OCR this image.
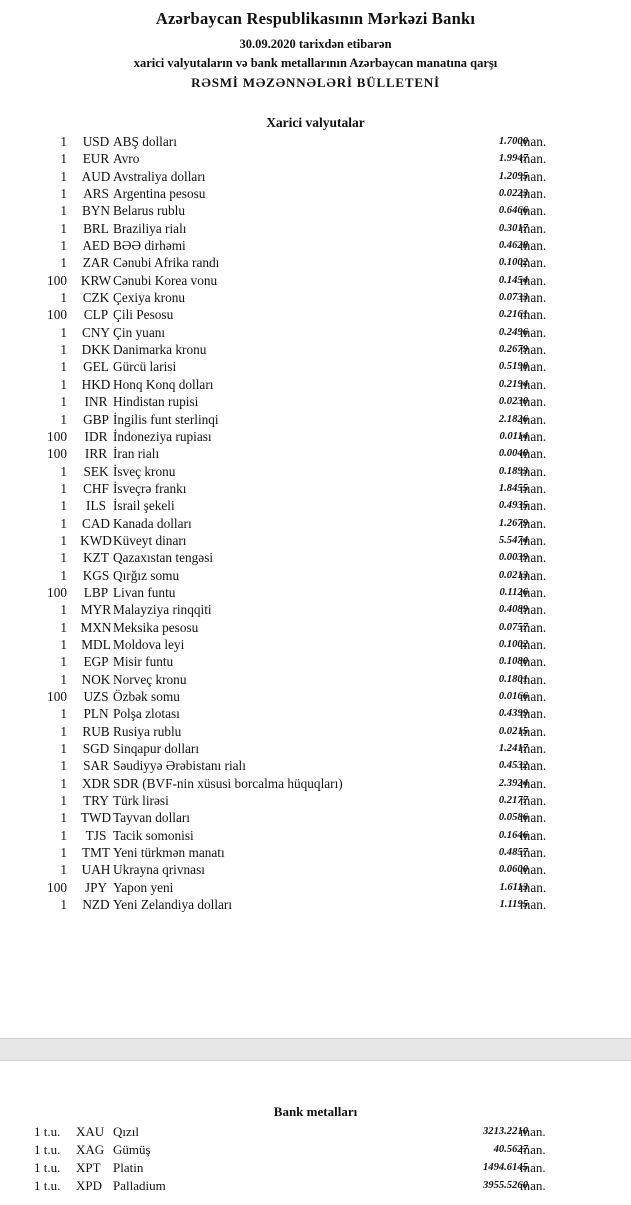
Azərbaycan Respublikasının Mərkəzi Bankı
30.09.2020 tarixdən etibarən
xarici valyutaların və bank metallarının Azərbaycan manatına qarşı
RƏSMİ MƏZƏNNƏLƏRİ BÜLLETENİ
Xarici valyutalar
1	USD ABŞ dolları	1.7000
man.
1	EUR Avro	1.9947
man.
1	AUD Avstraliya dolları	1.2095
man.
1	ARS Argentina pesosu	0.0223
man.
1	BYN Belarus rublu	0.6466
man.
1	BRL Braziliya rialı	0.3017
man.
1	AED BƏƏ dirhəmi	0.4628
man.
1	ZAR Cənubi Afrika randı	0.1002
man.
100	KRW Cənubi Korea vonu	0.1454
man.
1	CZK Çexiya kronu	0.0733
man.
100	CLP Çili Pesosu	0.2161
man.
1	CNY Çin yuanı	0.2496
man.
1	DKK Danimarka kronu	0.2679
man.
1	GEL Gürcü larisi	0.5198
man.
1	HKD Honq Konq dolları	0.2194
man.
1	INR Hindistan rupisi	0.0230
man.
1	GBP İngilis funt sterlinqi	2.1826
man.
100	IDR İndoneziya rupiası	0.0114
man.
100	IRR İran rialı	0.0040
man.
1	SEK İsveç kronu	0.1893
man.
1	CHF İsveçrə frankı	1.8455
man.
1	ILS İsrail şekeli	0.4935
man.
1	CAD Kanada dolları	1.2679
man.
1 KWD Küveyt dinarı	5.5474
man.
1	KZT Qazaxıstan tengəsi	0.0039
man.
1	KGS Qırğız somu	0.0213
man.
100	LBP Livan funtu	0.1126
man.
1	MYR Malayziya rinqqiti	0.4089
man.
1	MXN Meksika pesosu	0.0757
man.
1	MDL Moldova leyi	0.1002
man.
1	EGP Misir funtu	0.1080
man.
1	NOK Norveç kronu	0.1801
man.
100	UZS Özbək somu	0.0166
man.
1	PLN Polşa zlotası	0.4399
man.
1	RUB Rusiya rublu	0.0215
man.
1	SGD Sinqapur dolları	1.2417
man.
1	SAR Səudiyyə Ərəbistanı rialı	0.4532
man.
1	XDR SDR (BVF-nin xüsusi borcalma hüquqları)	2.3924
man.
1	TRY Türk lirəsi	0.2177
man.
1	TWD Tayvan dolları	0.0586
man.
1	TJS Tacik somonisi	0.1646
man.
1	TMT Yeni türkmən manatı	0.4857
man.
1	UAH Ukrayna qrivnası	0.0600
man.
100	JPY Yapon yeni	1.6113
man.
1	NZD Yeni Zelandiya dolları	1.1195
man.
Bank metalları
1 t.u. XAU Qızıl	3213.2210
man.
1 t.u. XAG Gümüş	40.5627
man.
1 t.u. XPT Platin	1494.6145
man.
1 t.u. XPD Palladium	3955.5260
man.
